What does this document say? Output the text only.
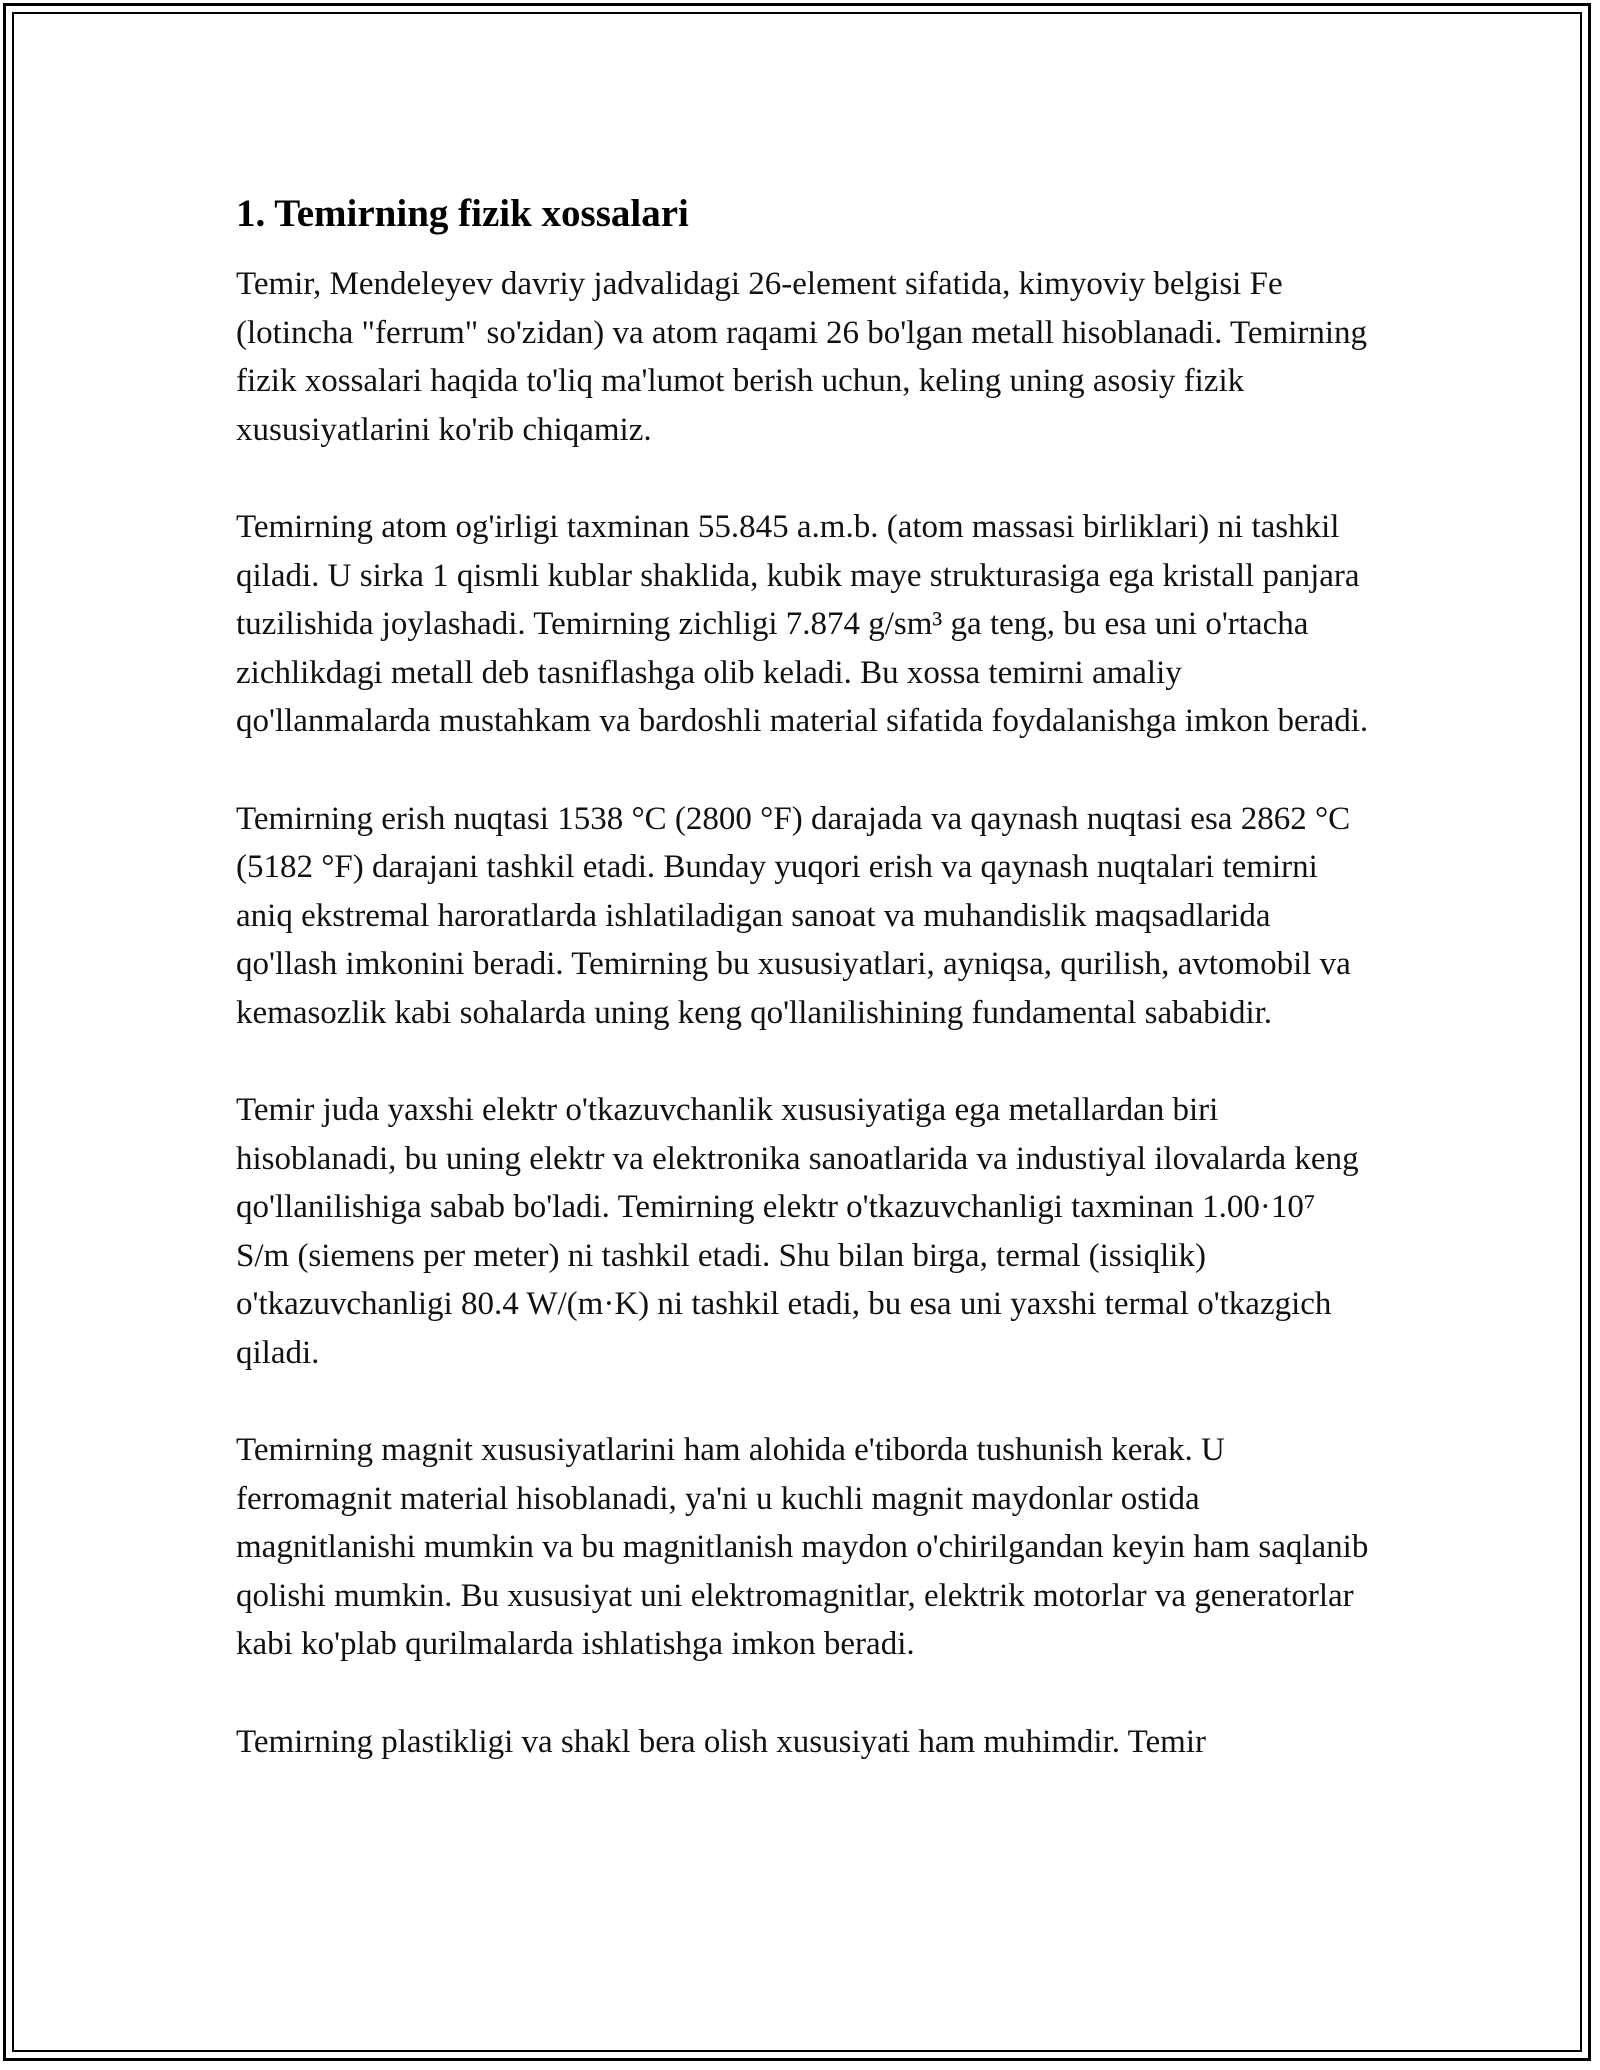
1. Temirning fizik xossalari

Temir, Mendeleyev davriy jadvalidagi 26-element sifatida, kimyoviy belgisi Fe (lotincha "ferrum" so'zidan) va atom raqami 26 bo'lgan metall hisoblanadi. Temirning fizik xossalari haqida to'liq ma'lumot berish uchun, keling uning asosiy fizik xususiyatlarini ko'rib chiqamiz.

Temirning atom og'irligi taxminan 55.845 a.m.b. (atom massasi birliklari) ni tashkil qiladi. U sirka 1 qismli kublar shaklida, kubik maye strukturasiga ega kristall panjara tuzilishida joylashadi. Temirning zichligi 7.874 g/sm³ ga teng, bu esa uni o'rtacha zichlikdagi metall deb tasniflashga olib keladi. Bu xossa temirni amaliy qo'llanmalarda mustahkam va bardoshli material sifatida foydalanishga imkon beradi.

Temirning erish nuqtasi 1538 °C (2800 °F) darajada va qaynash nuqtasi esa 2862 °C (5182 °F) darajani tashkil etadi. Bunday yuqori erish va qaynash nuqtalari temirni aniq ekstremal haroratlarda ishlatiladigan sanoat va muhandislik maqsadlarida qo'llash imkonini beradi. Temirning bu xususiyatlari, ayniqsa, qurilish, avtomobil va kemasozlik kabi sohalarda uning keng qo'llanilishining fundamental sababidir.

Temir juda yaxshi elektr o'tkazuvchanlik xususiyatiga ega metallardan biri hisoblanadi, bu uning elektr va elektronika sanoatlarida va industiyal ilovalarda keng qo'llanilishiga sabab bo'ladi. Temirning elektr o'tkazuvchanligi taxminan 1.00·10⁷ S/m (siemens per meter) ni tashkil etadi. Shu bilan birga, termal (issiqlik) o'tkazuvchanligi 80.4 W/(m·K) ni tashkil etadi, bu esa uni yaxshi termal o'tkazgich qiladi.

Temirning magnit xususiyatlarini ham alohida e'tiborda tushunish kerak. U ferromagnit material hisoblanadi, ya'ni u kuchli magnit maydonlar ostida magnitlanishi mumkin va bu magnitlanish maydon o'chirilgandan keyin ham saqlanib qolishi mumkin. Bu xususiyat uni elektromagnitlar, elektrik motorlar va generatorlar kabi ko'plab qurilmalarda ishlatishga imkon beradi.

Temirning plastikligi va shakl bera olish xususiyati ham muhimdir. Temir
